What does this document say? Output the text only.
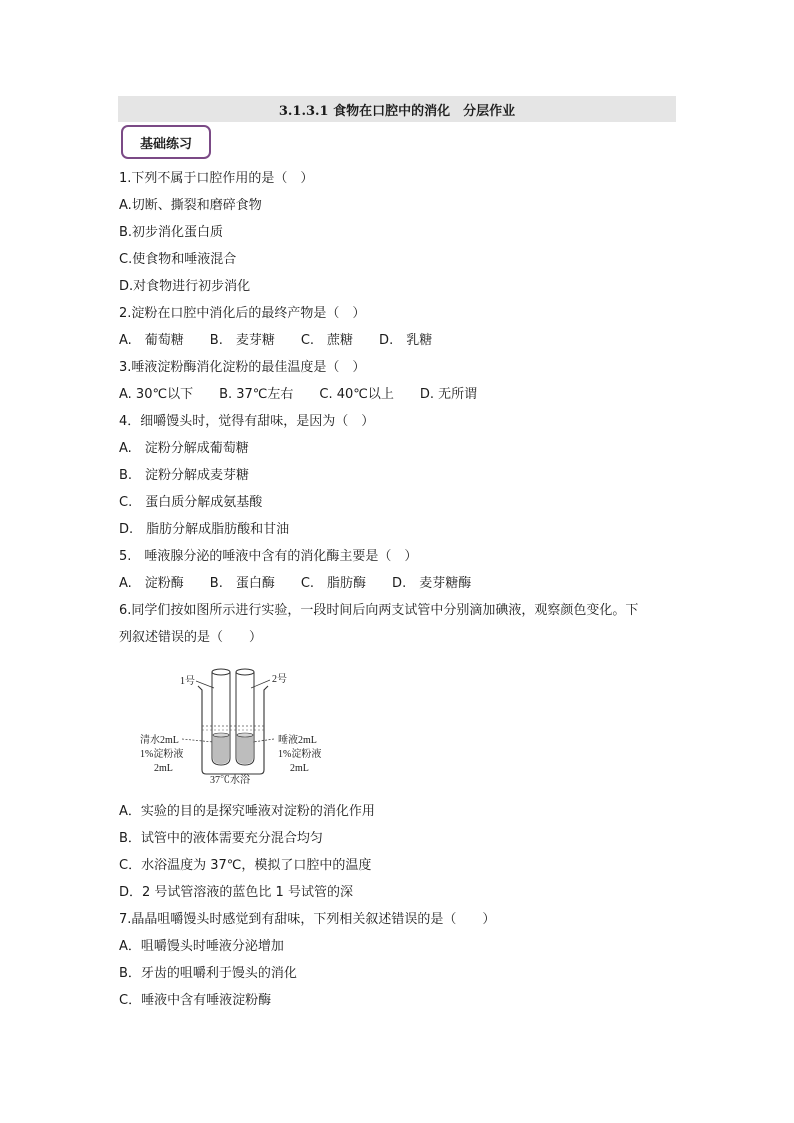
3.1.3.1 食物在口腔中的消化　分层作业
基础练习
1.下列不属于口腔作用的是（　）
A.切断、撕裂和磨碎食物
B.初步消化蛋白质
C.使食物和唾液混合
D.对食物进行初步消化
2.淀粉在口腔中消化后的最终产物是（　）
A.　葡萄糖　　B.　麦芽糖　　C.　蔗糖　　D.　乳糖
3.唾液淀粉酶消化淀粉的最佳温度是（　）
A. 30℃以下　　B. 37℃左右　　C. 40℃以上　　D. 无所谓
4．细嚼馒头时，觉得有甜味，是因为（　）
A.　淀粉分解成葡萄糖
B.　淀粉分解成麦芽糖
C.　蛋白质分解成氨基酸
D.　脂肪分解成脂肪酸和甘油
5.　唾液腺分泌的唾液中含有的消化酶主要是（　）
A.　淀粉酶　　B.　蛋白酶　　C.　脂肪酶　　D.　麦芽糖酶
6.同学们按如图所示进行实验，一段时间后向两支试管中分别滴加碘液，观察颜色变化。下
列叙述错误的是（　　）
1号	2号
清水2mL
1%淀粉液
2mL
唾液2mL
1%淀粉液
2mL
37℃水浴
A．实验的目的是探究唾液对淀粉的消化作用
B．试管中的液体需要充分混合均匀
C．水浴温度为 37℃，模拟了口腔中的温度
D．2 号试管溶液的蓝色比 1 号试管的深
7.晶晶咀嚼馒头时感觉到有甜味，下列相关叙述错误的是（　　）
A．咀嚼馒头时唾液分泌增加
B．牙齿的咀嚼利于馒头的消化
C．唾液中含有唾液淀粉酶
